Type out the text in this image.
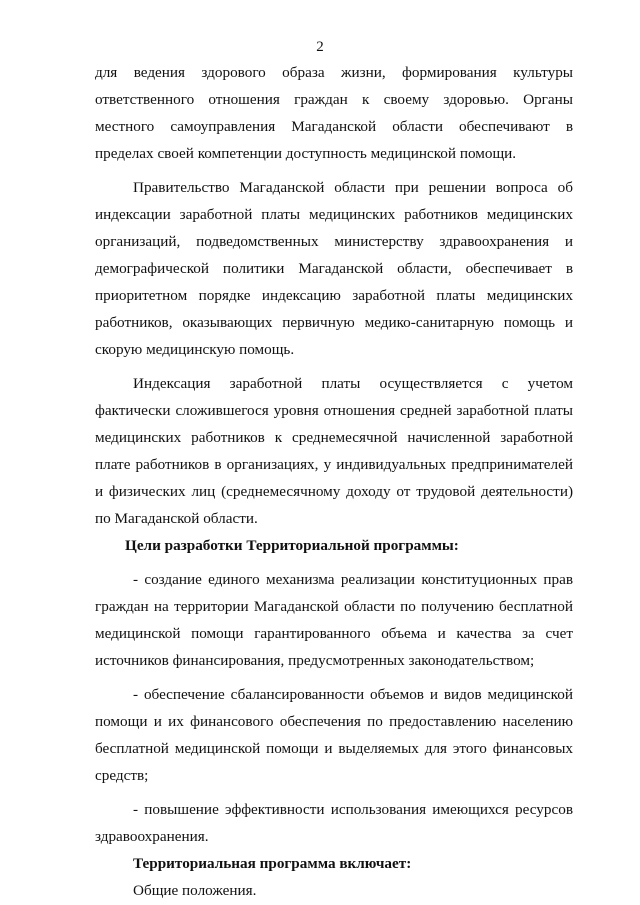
2

для ведения здорового образа жизни, формирования культуры ответственного отношения граждан к своему здоровью. Органы местного самоуправления Магаданской области обеспечивают в пределах своей компетенции доступность медицинской помощи.

Правительство Магаданской области при решении вопроса об индексации заработной платы медицинских работников медицинских организаций, подведомственных министерству здравоохранения и демографической политики Магаданской области, обеспечивает в приоритетном порядке индексацию заработной платы медицинских работников, оказывающих первичную медико-санитарную помощь и скорую медицинскую помощь.

Индексация заработной платы осуществляется с учетом фактически сложившегося уровня отношения средней заработной платы медицинских работников к среднемесячной начисленной заработной плате работников в организациях, у индивидуальных предпринимателей и физических лиц (среднемесячному доходу от трудовой деятельности) по Магаданской области.

Цели разработки Территориальной программы:

- создание единого механизма реализации конституционных прав граждан на территории Магаданской области по получению бесплатной медицинской помощи гарантированного объема и качества за счет источников финансирования, предусмотренных законодательством;

- обеспечение сбалансированности объемов и видов медицинской помощи и их финансового обеспечения по предоставлению населению бесплатной медицинской помощи и выделяемых для этого финансовых средств;

- повышение эффективности использования имеющихся ресурсов здравоохранения.

Территориальная программа включает:

Общие положения.
